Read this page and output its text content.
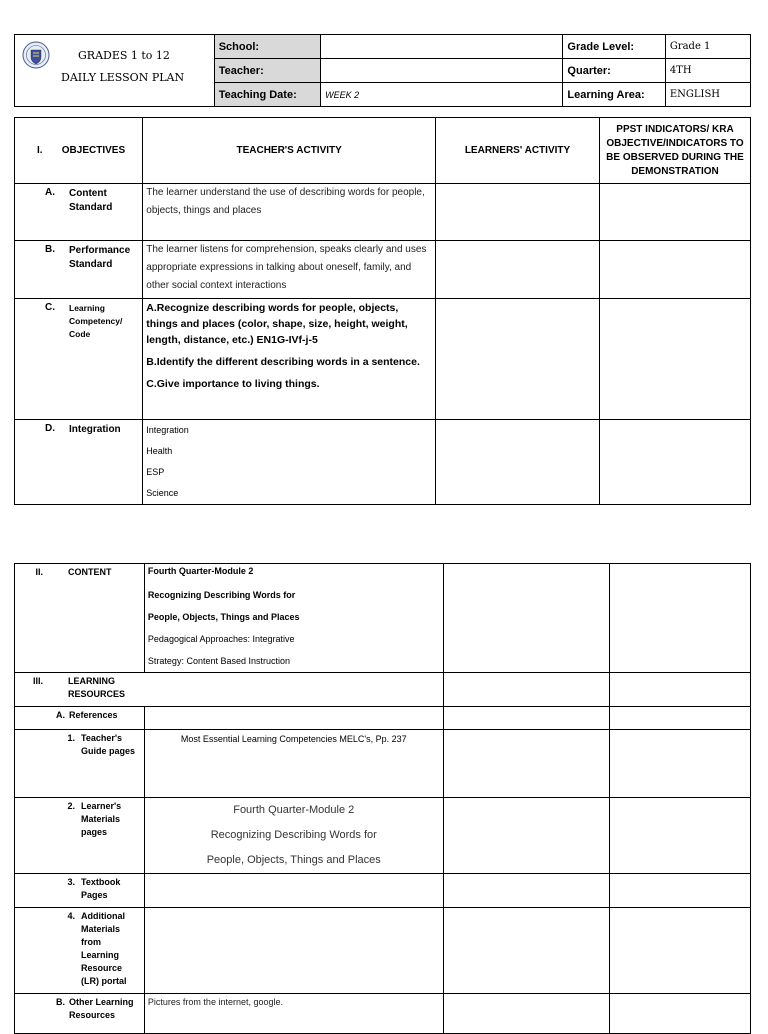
GRADES 1 to 12
DAILY LESSON PLAN	School:		Grade Level:	Grade 1
	Teacher:		Quarter:	4TH
	Teaching Date:	WEEK 2	Learning Area:	ENGLISH
I. OBJECTIVES	TEACHER'S ACTIVITY	LEARNERS' ACTIVITY	PPST INDICATORS/ KRA OBJECTIVE/INDICATORS TO BE OBSERVED DURING THE DEMONSTRATION
A. Content Standard	The learner understand the use of describing words for people, objects, things and places		
B. Performance Standard	The learner listens for comprehension, speaks clearly and uses appropriate expressions in talking about oneself, family, and other social context interactions		
C. Learning Competency/ Code	A.Recognize describing words for people, objects, things and places (color, shape, size, height, weight, length, distance, etc.) EN1G-IVf-j-5
B.Identify the different describing words in a sentence.
C.Give importance to living things.		

D. Integration	Integration
Health
ESP
Science		

II. CONTENT	Fourth Quarter-Module 2
Recognizing Describing Words for
People, Objects, Things and Places
Pedagogical Approaches: Integrative
Strategy: Content Based Instruction		

III. LEARNING RESOURCES			
A. References			
1. Teacher's Guide pages	Most Essential Learning Competencies MELC's, Pp. 237		
2. Learner's Materials pages	Fourth Quarter-Module 2
Recognizing Describing Words for
People, Objects, Things and Places		

3. Textbook Pages			
4. Additional Materials from Learning Resource (LR) portal			
B. Other Learning Resources	Pictures from the internet, google.		
